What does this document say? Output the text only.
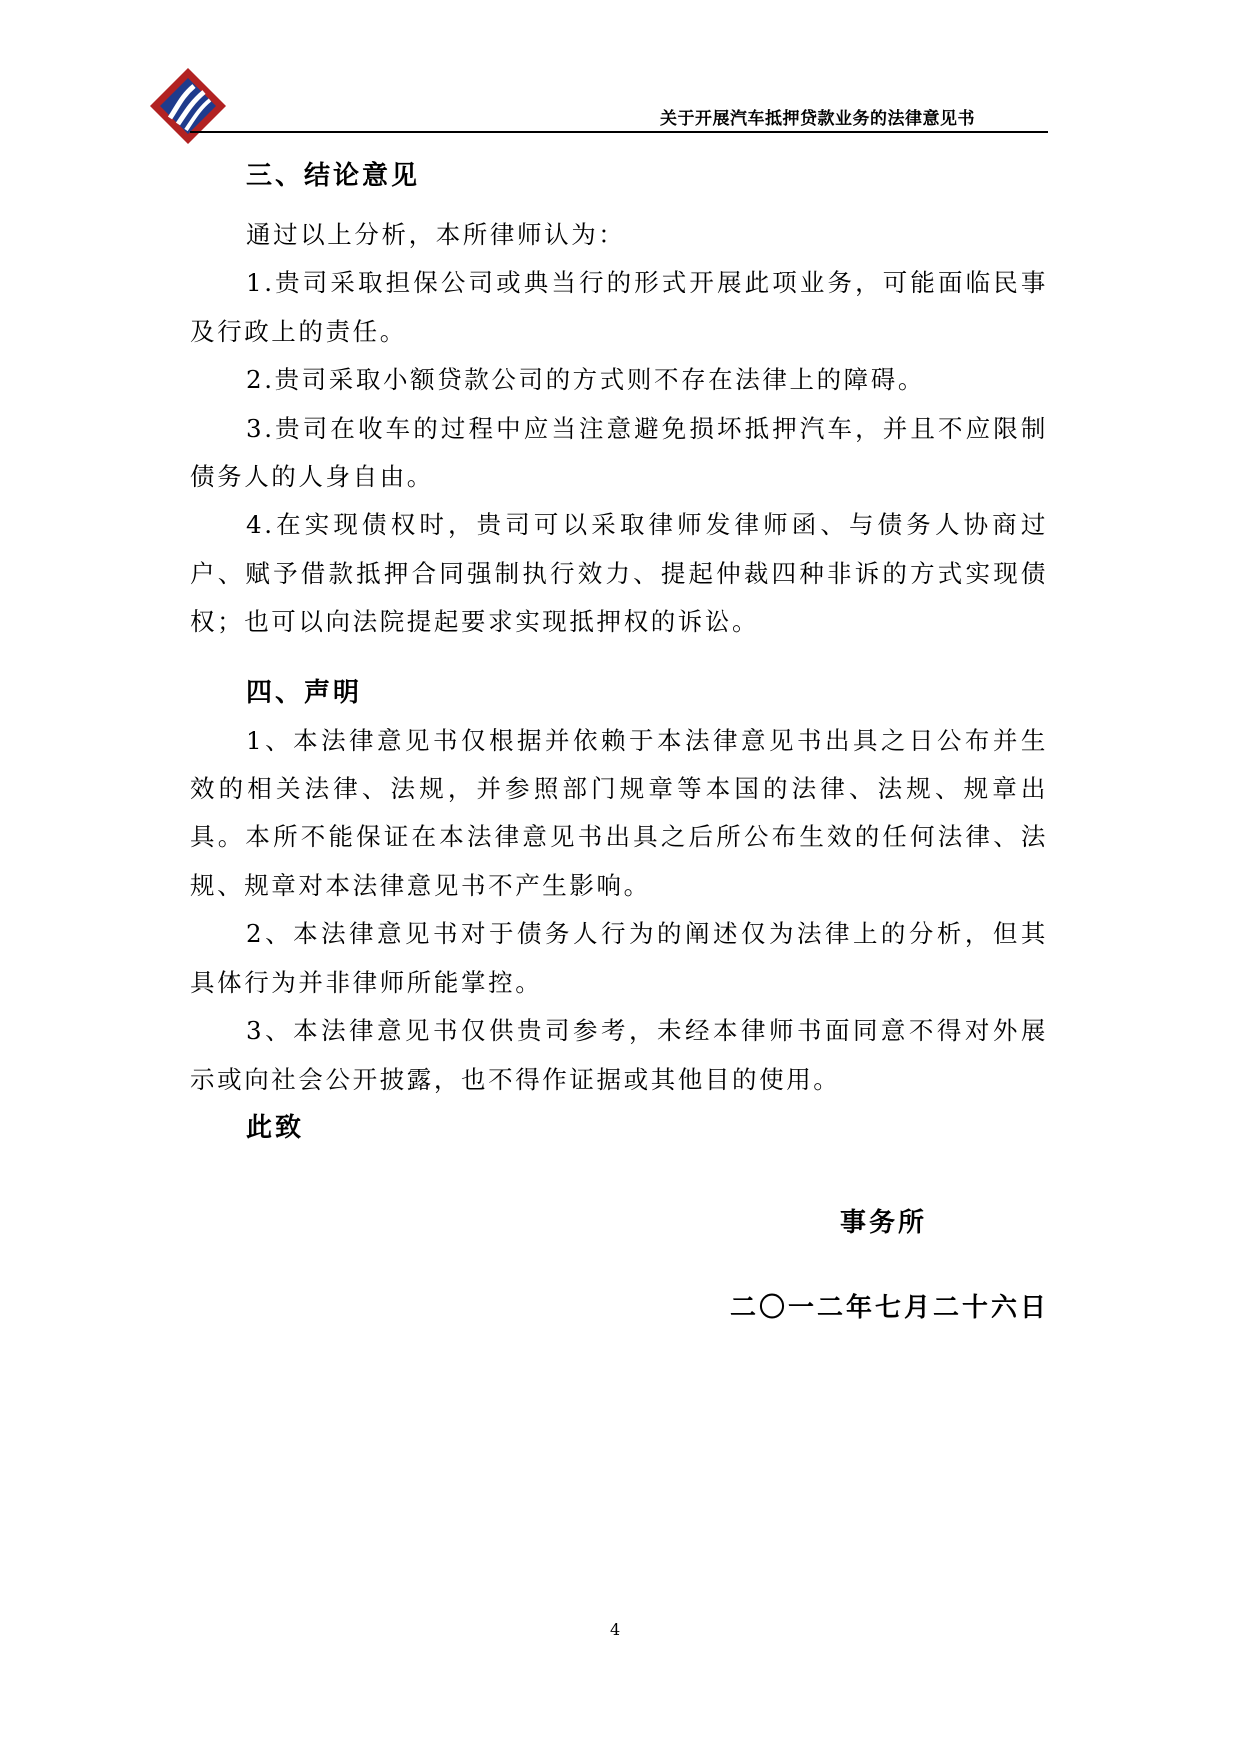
关于开展汽车抵押贷款业务的法律意见书

三、结论意见

通过以上分析，本所律师认为：

1.贵司采取担保公司或典当行的形式开展此项业务，可能面临民事及行政上的责任。

2.贵司采取小额贷款公司的方式则不存在法律上的障碍。

3.贵司在收车的过程中应当注意避免损坏抵押汽车，并且不应限制债务人的人身自由。

4.在实现债权时，贵司可以采取律师发律师函、与债务人协商过户、赋予借款抵押合同强制执行效力、提起仲裁四种非诉的方式实现债权；也可以向法院提起要求实现抵押权的诉讼。

四、声明

1、本法律意见书仅根据并依赖于本法律意见书出具之日公布并生效的相关法律、法规，并参照部门规章等本国的法律、法规、规章出具。本所不能保证在本法律意见书出具之后所公布生效的任何法律、法规、规章对本法律意见书不产生影响。

2、本法律意见书对于债务人行为的阐述仅为法律上的分析，但其具体行为并非律师所能掌控。

3、本法律意见书仅供贵司参考，未经本律师书面同意不得对外展示或向社会公开披露，也不得作证据或其他目的使用。

此致

事务所
二〇一二年七月二十六日
4
